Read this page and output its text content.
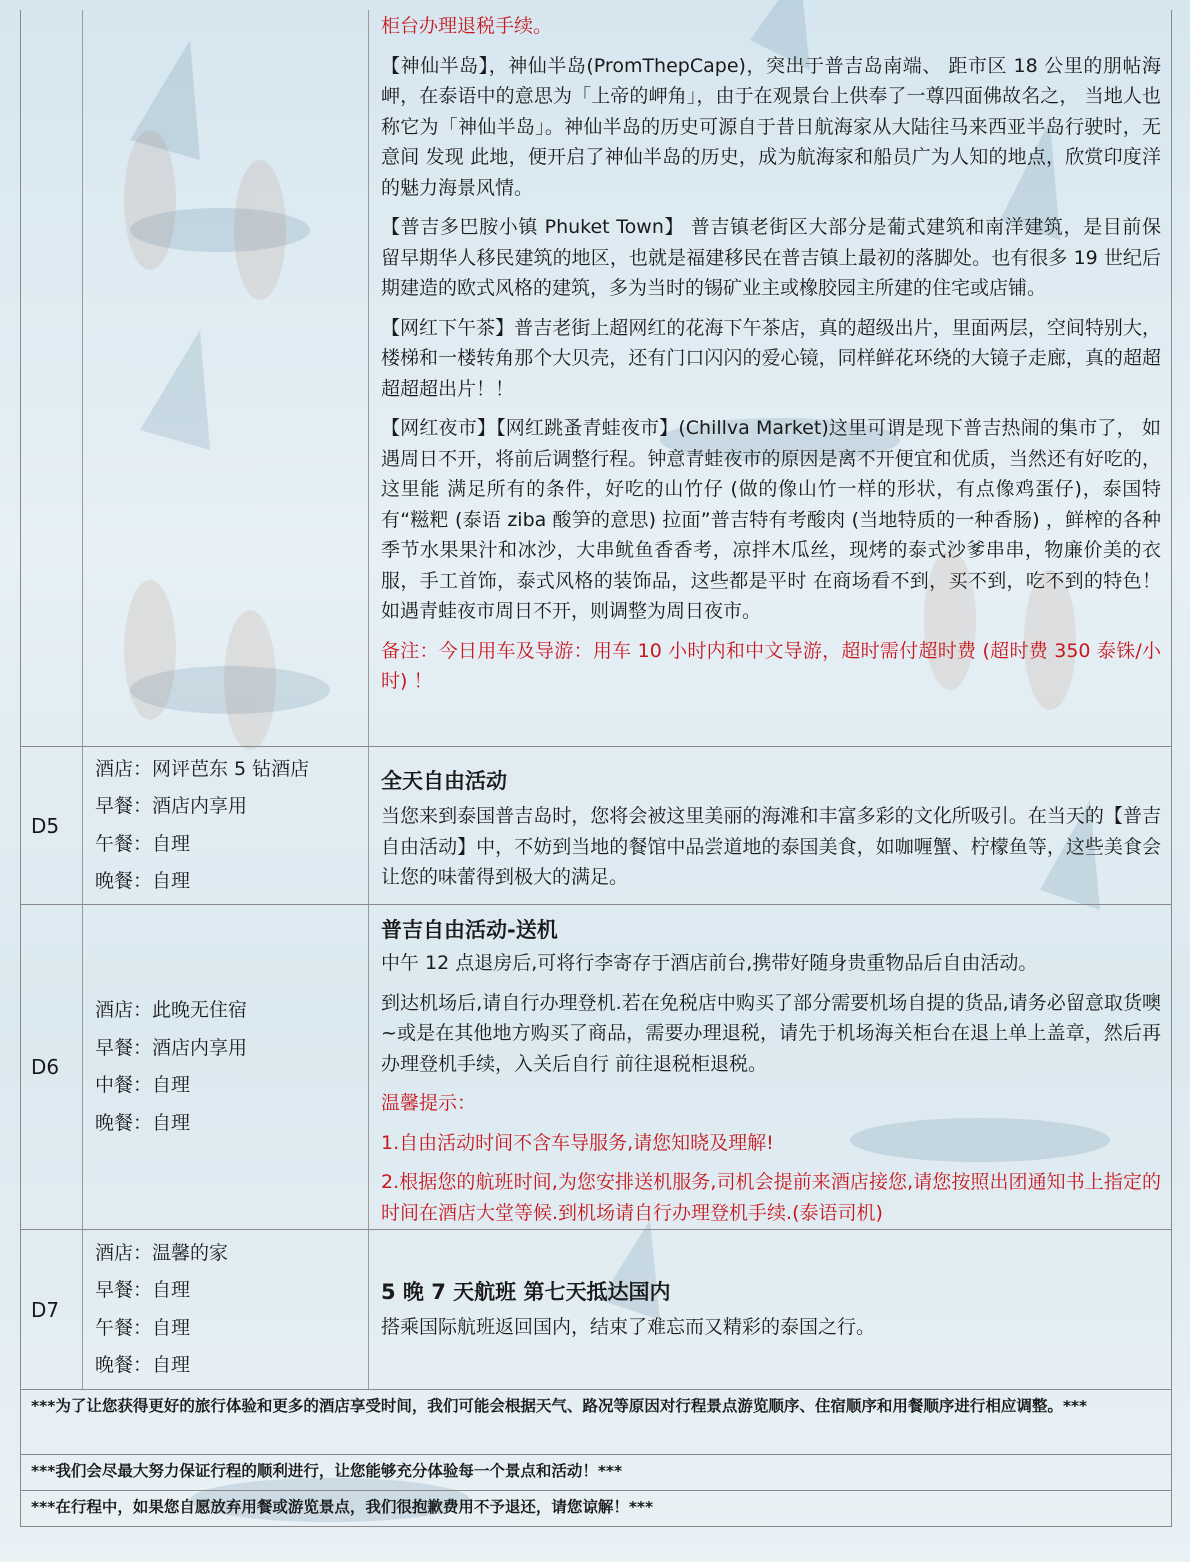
柜台办理退税手续。

【神仙半岛】，神仙半岛(PromThepCape)，突出于普吉岛南端、 距市区 18 公里的朋帖海岬，在泰语中的意思为「上帝的岬角」，由于在观景台上供奉了一尊四面佛故名之， 当地人也称它为「神仙半岛」。神仙半岛的历史可源自于昔日航海家从大陆往马来西亚半岛行驶时，无意间 发现 此地，便开启了神仙半岛的历史，成为航海家和船员广为人知的地点，欣赏印度洋的魅力海景风情。

【普吉多巴胺小镇 Phuket Town】 普吉镇老街区大部分是葡式建筑和南洋建筑，是目前保 留早期华人移民建筑的地区，也就是福建移民在普吉镇上最初的落脚处。也有很多 19 世纪后期建造的欧式风格的建筑，多为当时的锡矿业主或橡胶园主所建的住宅或店铺。

【网红下午茶】普吉老街上超网红的花海下午茶店，真的超级出片，里面两层，空间特别大，楼梯和一楼转角那个大贝壳，还有门口闪闪的爱心镜，同样鲜花环绕的大镜子走廊，真的超超超超超出片！！

【网红夜市】【网红跳蚤青蛙夜市】(Chillva Market)这里可谓是现下普吉热闹的集市了， 如遇周日不开，将前后调整行程。钟意青蛙夜市的原因是离不开便宜和优质，当然还有好吃的，这里能 满足所有的条件，好吃的山竹仔 (做的像山竹一样的形状，有点像鸡蛋仔)，泰国特有“糍粑 (泰语 ziba 酸笋的意思) 拉面”普吉特有考酸肉 (当地特质的一种香肠) ，鲜榨的各种季节水果果汁和冰沙，大串鱿鱼香香考，凉拌木瓜丝，现烤的泰式沙爹串串，物廉价美的衣服，手工首饰，泰式风格的装饰品，这些都是平时 在商场看不到，买不到，吃不到的特色！如遇青蛙夜市周日不开，则调整为周日夜市。

备注：今日用车及导游：用车 10 小时内和中文导游，超时需付超时费 (超时费 350 泰铢/小时) ！

D5
酒店：网评芭东 5 钻酒店
早餐：酒店内享用
午餐：自理
晚餐：自理

全天自由活动

当您来到泰国普吉岛时，您将会被这里美丽的海滩和丰富多彩的文化所吸引。在当天的【普吉自由活动】中，不妨到当地的餐馆中品尝道地的泰国美食，如咖喱蟹、柠檬鱼等，这些美食会让您的味蕾得到极大的满足。

D6
酒店：此晚无住宿
早餐：酒店内享用
中餐：自理
晚餐：自理

普吉自由活动-送机

中午 12 点退房后,可将行李寄存于酒店前台,携带好随身贵重物品后自由活动。

到达机场后,请自行办理登机.若在免税店中购买了部分需要机场自提的货品,请务必留意取货噢~或是在其他地方购买了商品，需要办理退税，请先于机场海关柜台在退上单上盖章，然后再办理登机手续，入关后自行 前往退税柜退税。

温馨提示：

1.自由活动时间不含车导服务,请您知晓及理解!

2.根据您的航班时间,为您安排送机服务,司机会提前来酒店接您,请您按照出团通知书上指定的时间在酒店大堂等候.到机场请自行办理登机手续.(泰语司机)

D7
酒店：温馨的家
早餐：自理
午餐：自理
晚餐：自理

5 晚 7 天航班 第七天抵达国内

搭乘国际航班返回国内，结束了难忘而又精彩的泰国之行。

***为了让您获得更好的旅行体验和更多的酒店享受时间，我们可能会根据天气、路况等原因对行程景点游览顺序、住宿顺序和用餐顺序进行相应调整。***
***我们会尽最大努力保证行程的顺利进行，让您能够充分体验每一个景点和活动！***
***在行程中，如果您自愿放弃用餐或游览景点，我们很抱歉费用不予退还，请您谅解！***
